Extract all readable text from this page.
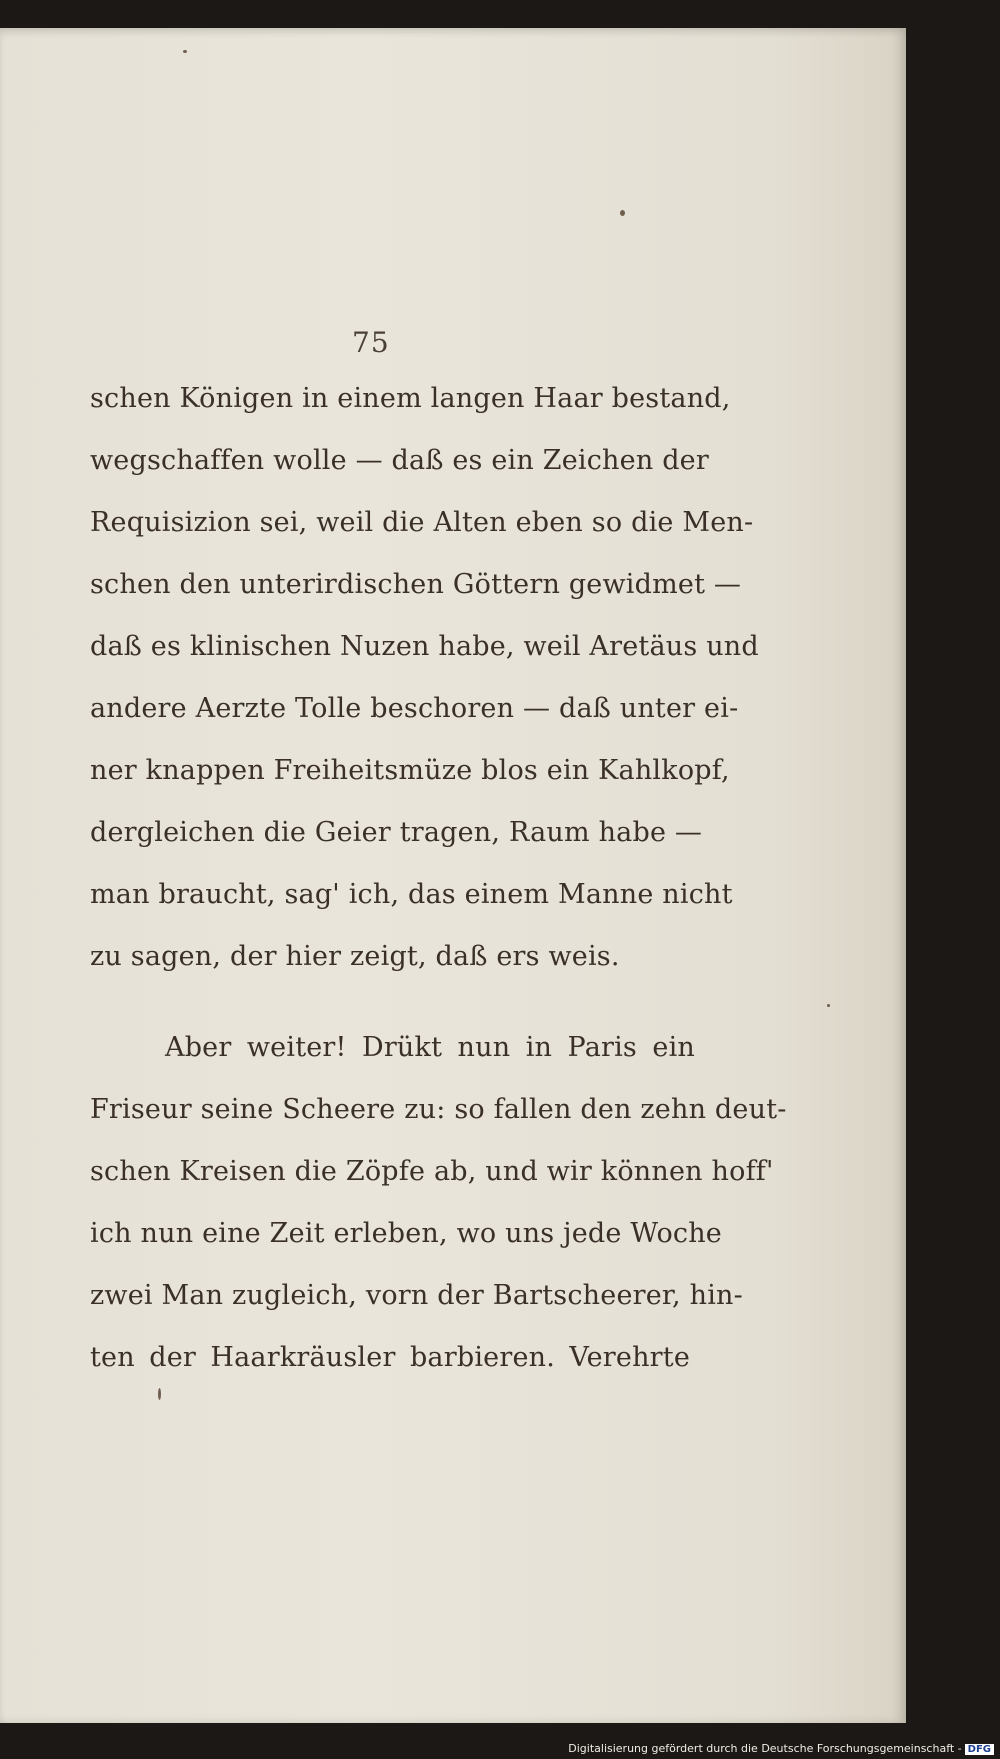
75
schen Königen in einem langen Haar bestand,
wegschaffen wolle — daß es ein Zeichen der
Requisizion sei, weil die Alten eben so die Men-
schen den unterirdischen Göttern gewidmet —
daß es klinischen Nuzen habe, weil Aretäus und
andere Aerzte Tolle beschoren — daß unter ei-
ner knappen Freiheitsmüze blos ein Kahlkopf,
dergleichen die Geier tragen, Raum habe —
man braucht, sag' ich, das einem Manne nicht
zu sagen, der hier zeigt, daß ers weis.
Aber weiter! Drükt nun in Paris ein
Friseur seine Scheere zu: so fallen den zehn deut-
schen Kreisen die Zöpfe ab, und wir können hoff'
ich nun eine Zeit erleben, wo uns jede Woche
zwei Man zugleich, vorn der Bartscheerer, hin-
ten der Haarkräusler barbieren. Verehrte
Digitalisierung gefördert durch die Deutsche Forschungsgemeinschaft - DFG
